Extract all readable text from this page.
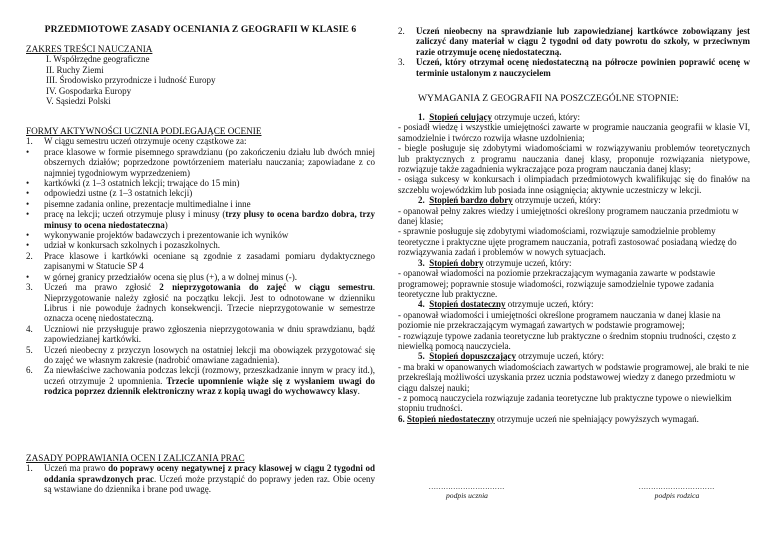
PRZEDMIOTOWE ZASADY OCENIANIA Z GEOGRAFII W KLASIE 6
ZAKRES TREŚCI NAUCZANIA
I. Współrzędne geograficzne
II. Ruchy Ziemi
III. Środowisko przyrodnicze i ludność Europy
IV. Gospodarka Europy
V. Sąsiedzi Polski
FORMY AKTYWNOŚCI UCZNIA PODLEGAJĄCE OCENIE
1.	W ciągu semestru uczeń otrzymuje oceny cząstkowe za:
•	prace klasowe w formie pisemnego sprawdzianu (po zakończeniu działu lub dwóch mniej obszernych działów; poprzedzone powtórzeniem materiału nauczania; zapowiadane z co najmniej tygodniowym wyprzedzeniem)
•	kartkówki (z 1–3 ostatnich lekcji; trwające do 15 min)
•	odpowiedzi ustne (z 1–3 ostatnich lekcji)
•	pisemne zadania online, prezentacje multimedialne i inne
•	pracę na lekcji; uczeń otrzymuje plusy i minusy (trzy plusy to ocena bardzo dobra, trzy minusy to ocena niedostateczna)
•	wykonywanie projektów badawczych i prezentowanie ich wyników
•	udział w konkursach szkolnych i pozaszkolnych.
2.	Prace klasowe i kartkówki oceniane są zgodnie z zasadami pomiaru dydaktycznego zapisanymi w Statucie SP 4
•	w górnej granicy przedziałów ocena się plus (+), a w dolnej minus (-).
3.	Uczeń ma prawo zgłosić 2 nieprzygotowania do zajęć w ciągu semestru. Nieprzygotowanie należy zgłosić na początku lekcji. Jest to odnotowane w dzienniku Librus i nie powoduje żadnych konsekwencji. Trzecie nieprzygotowanie w semestrze oznacza ocenę niedostateczną.
4.	Uczniowi nie przysługuje prawo zgłoszenia nieprzygotowania w dniu sprawdzianu, bądź zapowiedzianej kartkówki.
5.	Uczeń nieobecny z przyczyn losowych na ostatniej lekcji ma obowiązek przygotować się do zajęć we własnym zakresie (nadrobić omawiane zagadnienia).
6.	Za niewłaściwe zachowania podczas lekcji (rozmowy, przeszkadzanie innym w pracy itd.), uczeń otrzymuje 2 upomnienia. Trzecie upomnienie wiąże się z wysłaniem uwagi do rodzica poprzez dziennik elektroniczny wraz z kopią uwagi do wychowawcy klasy.
ZASADY POPRAWIANIA OCEN I ZALICZANIA PRAC
1.	Uczeń ma prawo do poprawy oceny negatywnej z pracy klasowej w ciągu 2 tygodni od oddania sprawdzonych prac. Uczeń może przystąpić do poprawy jeden raz. Obie oceny są wstawiane do dziennika i brane pod uwagę.
2.	Uczeń nieobecny na sprawdzianie lub zapowiedzianej kartkówce zobowiązany jest zaliczyć dany materiał w ciągu 2 tygodni od daty powrotu do szkoły, w przeciwnym razie otrzymuje ocenę niedostateczną.
3.	Uczeń, który otrzymał ocenę niedostateczną na półrocze powinien poprawić ocenę w terminie ustalonym z nauczycielem
WYMAGANIA Z GEOGRAFII NA POSZCZEGÓLNE STOPNIE:
1. Stopień celujący otrzymuje uczeń, który:
- posiadł wiedzę i wszystkie umiejętności zawarte w programie nauczania geografii w klasie VI, samodzielnie i twórczo rozwija własne uzdolnienia;
- biegle posługuje się zdobytymi wiadomościami w rozwiązywaniu problemów teoretycznych lub praktycznych z programu nauczania danej klasy, proponuje rozwiązania nietypowe, rozwiązuje także zagadnienia wykraczające poza program nauczania danej klasy;
- osiąga sukcesy w konkursach i olimpiadach przedmiotowych kwalifikując się do finałów na szczeblu wojewódzkim lub posiada inne osiągnięcia; aktywnie uczestniczy w lekcji.
2. Stopień bardzo dobry otrzymuje uczeń, który:
- opanował pełny zakres wiedzy i umiejętności określony programem nauczania przedmiotu w danej klasie;
- sprawnie posługuje się zdobytymi wiadomościami, rozwiązuje samodzielnie problemy teoretyczne i praktyczne ujęte programem nauczania, potrafi zastosować posiadaną wiedzę do rozwiązywania zadań i problemów w nowych sytuacjach.
3. Stopień dobry otrzymuje uczeń, który:
- opanował wiadomości na poziomie przekraczającym wymagania zawarte w podstawie programowej; poprawnie stosuje wiadomości, rozwiązuje samodzielnie typowe zadania teoretyczne lub praktyczne.
4. Stopień dostateczny otrzymuje uczeń, który:
- opanował wiadomości i umiejętności określone programem nauczania w danej klasie na poziomie nie przekraczającym wymagań zawartych w podstawie programowej;
- rozwiązuje typowe zadania teoretyczne lub praktyczne o średnim stopniu trudności, często z niewielką pomocą nauczyciela.
5. Stopień dopuszczający otrzymuje uczeń, który:
- ma braki w opanowanych wiadomościach zawartych w podstawie programowej, ale braki te nie przekreślają możliwości uzyskania przez ucznia podstawowej wiedzy z danego przedmiotu w ciągu dalszej nauki;
- z pomocą nauczyciela rozwiązuje zadania teoretyczne lub praktyczne typowe o niewielkim stopniu trudności.
6. Stopień niedostateczny otrzymuje uczeń nie spełniający powyższych wymagań.
………………………….
podpis ucznia
………………………….
podpis rodzica
